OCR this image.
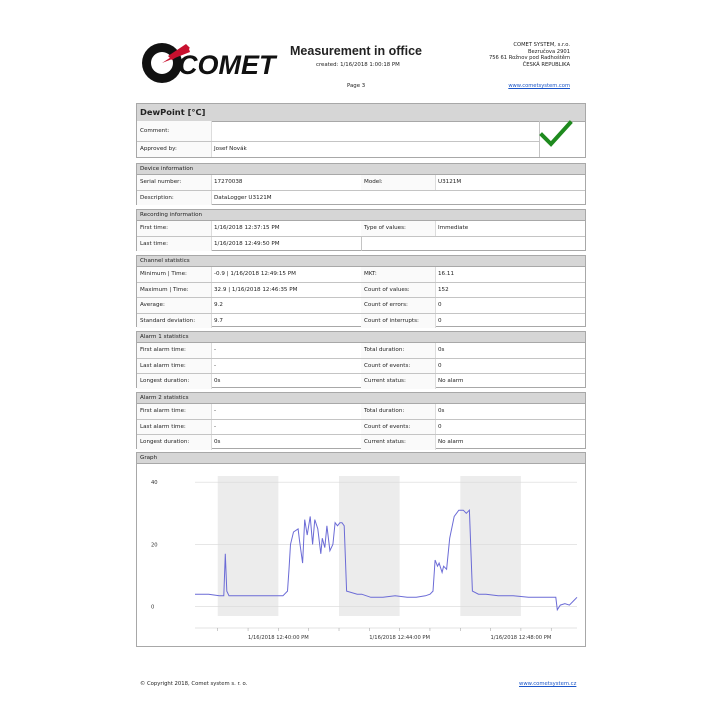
COMET Measurement in office
created: 1/16/2018 1:00:18 PM
Page 3
COMET SYSTEM, s.r.o.
Bezručova 2901
756 61 Rožnov pod Radhoštěm
ČESKÁ REPUBLIKA
www.cometsystem.com
DewPoint [°C]
Comment:
Approved by:	Josef Novák
Device information
Serial number:	17270038	Model:	U3121M
Description:	DataLogger U3121M
Recording information
First time:	1/16/2018 12:37:15 PM	Type of values:	Immediate
Last time:	1/16/2018 12:49:50 PM
Channel statistics
Minimum | Time:	-0.9 | 1/16/2018 12:49:15 PM	MKT:	16.11
Maximum | Time:	32.9 | 1/16/2018 12:46:35 PM	Count of values:	152
Average:	9.2	Count of errors:	0
Standard deviation:	9.7	Count of interrupts:	0
Alarm 1 statistics
First alarm time:	-	Total duration:	0s
Last alarm time:	-	Count of events:	0
Longest duration:	0s	Current status:	No alarm
Alarm 2 statistics
First alarm time:	-	Total duration:	0s
Last alarm time:	-	Count of events:	0
Longest duration:	0s	Current status:	No alarm
Graph
40
20
0
1/16/2018 12:40:00 PM	1/16/2018 12:44:00 PM	1/16/2018 12:48:00 PM
© Copyright 2018, Comet system s. r. o.	www.cometsystem.cz
